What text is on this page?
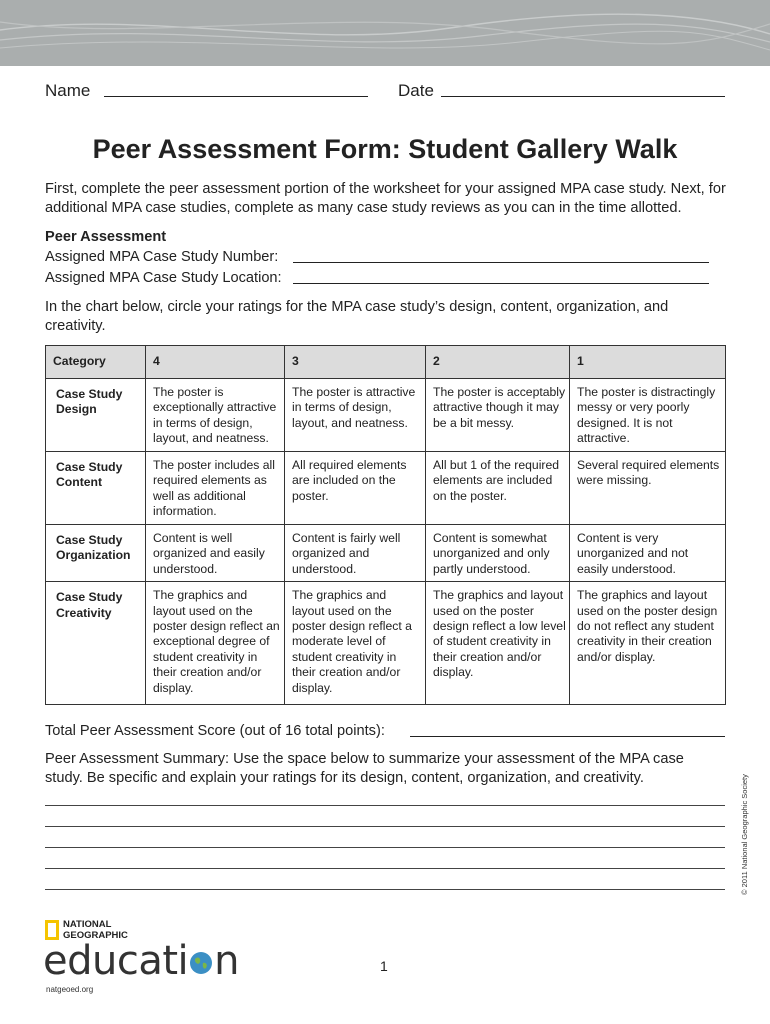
Name	Date
Peer Assessment Form: Student Gallery Walk
First, complete the peer assessment portion of the worksheet for your assigned MPA case study. Next, for additional MPA case studies, complete as many case study reviews as you can in the time allotted.
Peer Assessment
Assigned MPA Case Study Number:
Assigned MPA Case Study Location:
In the chart below, circle your ratings for the MPA case study’s design, content, organization, and creativity.
Category	4	3	2	1
Case Study Design	The poster is exceptionally attractive in terms of design, layout, and neatness.	The poster is attractive in terms of design, layout, and neatness.	The poster is acceptably attractive though it may be a bit messy.	The poster is distractingly messy or very poorly designed. It is not attractive.
Case Study Content	The poster includes all required elements as well as additional information.	All required elements are included on the poster.	All but 1 of the required elements are included on the poster.	Several required elements were missing.
Case Study Organization	Content is well organized and easily understood.	Content is fairly well organized and understood.	Content is somewhat unorganized and only partly understood.	Content is very unorganized and not easily understood.
Case Study Creativity	The graphics and layout used on the poster design reflect an exceptional degree of student creativity in their creation and/or display.	The graphics and layout used on the poster design reflect a moderate level of student creativity in their creation and/or display.	The graphics and layout used on the poster design reflect a low level of student creativity in their creation and/or display.	The graphics and layout used on the poster design do not reflect any student creativity in their creation and/or display.
Total Peer Assessment Score (out of 16 total points):
Peer Assessment Summary: Use the space below to summarize your assessment of the MPA case study. Be specific and explain your ratings for its design, content, organization, and creativity.	© 2011 National Geographic Society
NATIONAL
GEOGRAPHIC
educati n
natgeoed.org
1
